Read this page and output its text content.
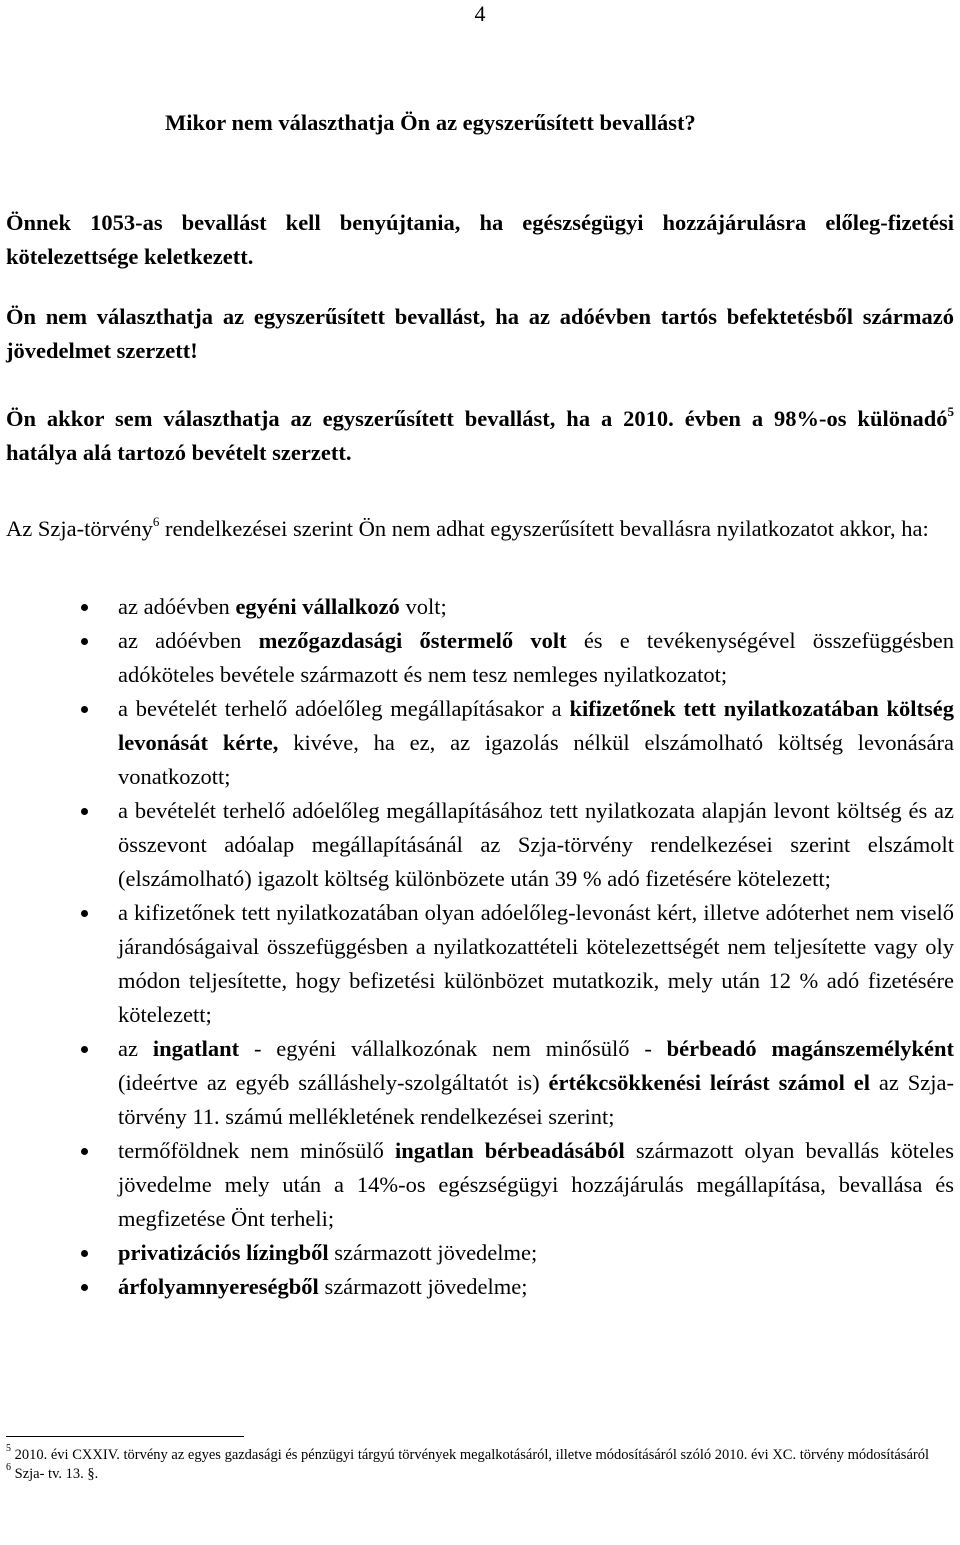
4
Mikor nem választhatja Ön az egyszerűsített bevallást?
Önnek 1053-as bevallást kell benyújtania, ha egészségügyi hozzájárulásra előleg-fizetési kötelezettsége keletkezett.
Ön nem választhatja az egyszerűsített bevallást, ha az adóévben tartós befektetésből származó jövedelmet szerzett!
Ön akkor sem választhatja az egyszerűsített bevallást, ha a 2010. évben a 98%-os különadó$^5$ hatálya alá tartozó bevételt szerzett.
Az Szja-törvény$^6$ rendelkezései szerint Ön nem adhat egyszerűsített bevallásra nyilatkozatot akkor, ha:
az adóévben egyéni vállalkozó volt;
az adóévben mezőgazdasági őstermelő volt és e tevékenységével összefüggésben adóköteles bevétele származott és nem tesz nemleges nyilatkozatot;
a bevételét terhelő adóelőleg megállapításakor a kifizetőnek tett nyilatkozatában költség levonását kérte, kivéve, ha ez, az igazolás nélkül elszámolható költség levonására vonatkozott;
a bevételét terhelő adóelőleg megállapításához tett nyilatkozata alapján levont költség és az összevont adóalap megállapításánál az Szja-törvény rendelkezései szerint elszámolt (elszámolható) igazolt költség különbözete után 39 % adó fizetésére kötelezett;
a kifizetőnek tett nyilatkozatában olyan adóelőleg-levonást kért, illetve adóterhet nem viselő járandóságaival összefüggésben a nyilatkozattételi kötelezettségét nem teljesítette vagy oly módon teljesítette, hogy befizetési különbözet mutatkozik, mely után 12 % adó fizetésére kötelezett;
az ingatlant - egyéni vállalkozónak nem minősülő - bérbeadó magánszemélyként (ideértve az egyéb szálláshely-szolgáltatót is) értékcsökkenési leírást számol el az Szja-törvény 11. számú mellékletének rendelkezései szerint;
termőföldnek nem minősülő ingatlan bérbeadásából származott olyan bevallás köteles jövedelme mely után a 14%-os egészségügyi hozzájárulás megállapítása, bevallása és megfizetése Önt terheli;
privatizációs lízingből származott jövedelme;
árfolyamnyereségből származott jövedelme;
$^5$ 2010. évi CXXIV. törvény az egyes gazdasági és pénzügyi tárgyú törvények megalkotásáról, illetve módosításáról szóló 2010. évi XC. törvény módosításáról
$^6$ Szja- tv. 13. §.
